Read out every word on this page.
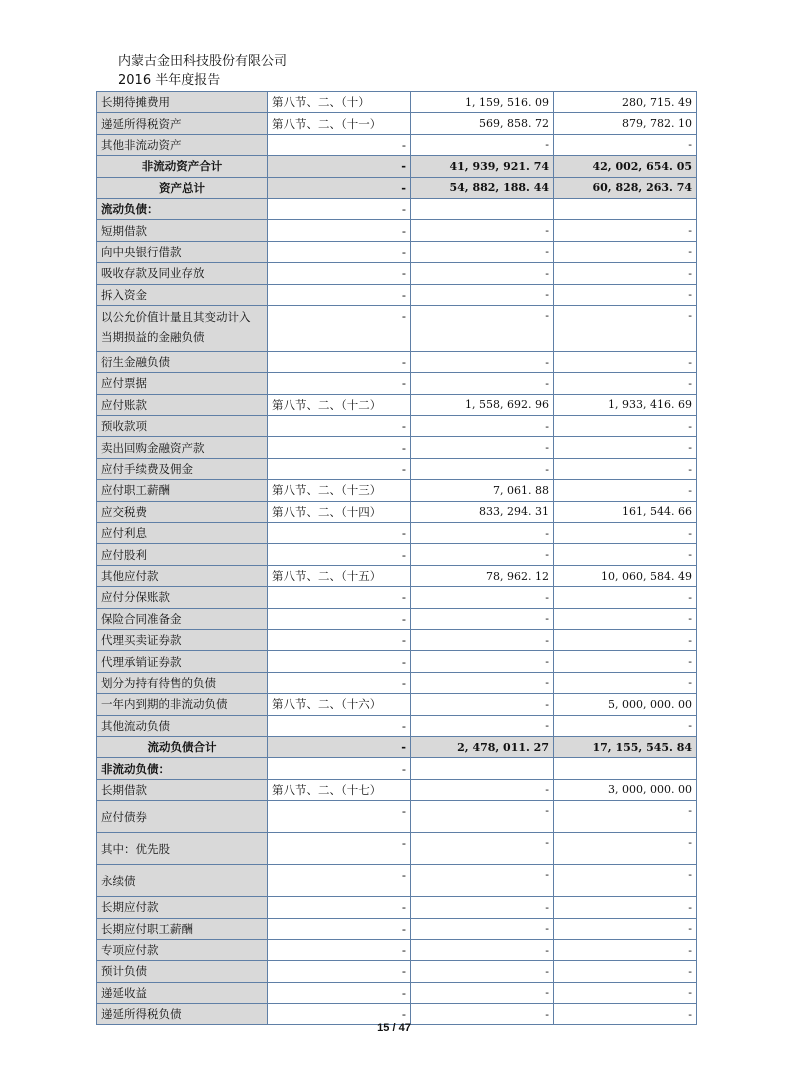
内蒙古金田科技股份有限公司
2016 半年度报告
长期待摊费用	第八节、二、（十）	1, 159, 516. 09	280, 715. 49
递延所得税资产	第八节、二、（十一）	569, 858. 72	879, 782. 10
其他非流动资产	-	-	-
非流动资产合计	-	41, 939, 921. 74	42, 002, 654. 05
资产总计	-	54, 882, 188. 44	60, 828, 263. 74
流动负债：	-		
短期借款	-	-	-
向中央银行借款	-	-	-
吸收存款及同业存放	-	-	-
拆入资金	-	-	-
以公允价值计量且其变动计入
当期损益的金融负债	-	-	-
衍生金融负债	-	-	-
应付票据	-	-	-
应付账款	第八节、二、（十二）	1, 558, 692. 96	1, 933, 416. 69
预收款项	-	-	-
卖出回购金融资产款	-	-	-
应付手续费及佣金	-	-	-
应付职工薪酬	第八节、二、（十三）	7, 061. 88	-
应交税费	第八节、二、（十四）	833, 294. 31	161, 544. 66
应付利息	-	-	-
应付股利	-	-	-
其他应付款	第八节、二、（十五）	78, 962. 12	10, 060, 584. 49
应付分保账款	-	-	-
保险合同准备金	-	-	-
代理买卖证券款	-	-	-
代理承销证券款	-	-	-
划分为持有待售的负债	-	-	-
一年内到期的非流动负债	第八节、二、（十六）	-	5, 000, 000. 00
其他流动负债	-	-	-
流动负债合计	-	2, 478, 011. 27	17, 155, 545. 84
非流动负债：	-		
长期借款	第八节、二、（十七）	-	3, 000, 000. 00
应付债券	-	-	-
其中：优先股	-	-	-
永续债	-	-	-
长期应付款	-	-	-
长期应付职工薪酬	-	-	-
专项应付款	-	-	-
预计负债	-	-	-
递延收益	-	-	-
递延所得税负债	-	-	-
15 / 47
